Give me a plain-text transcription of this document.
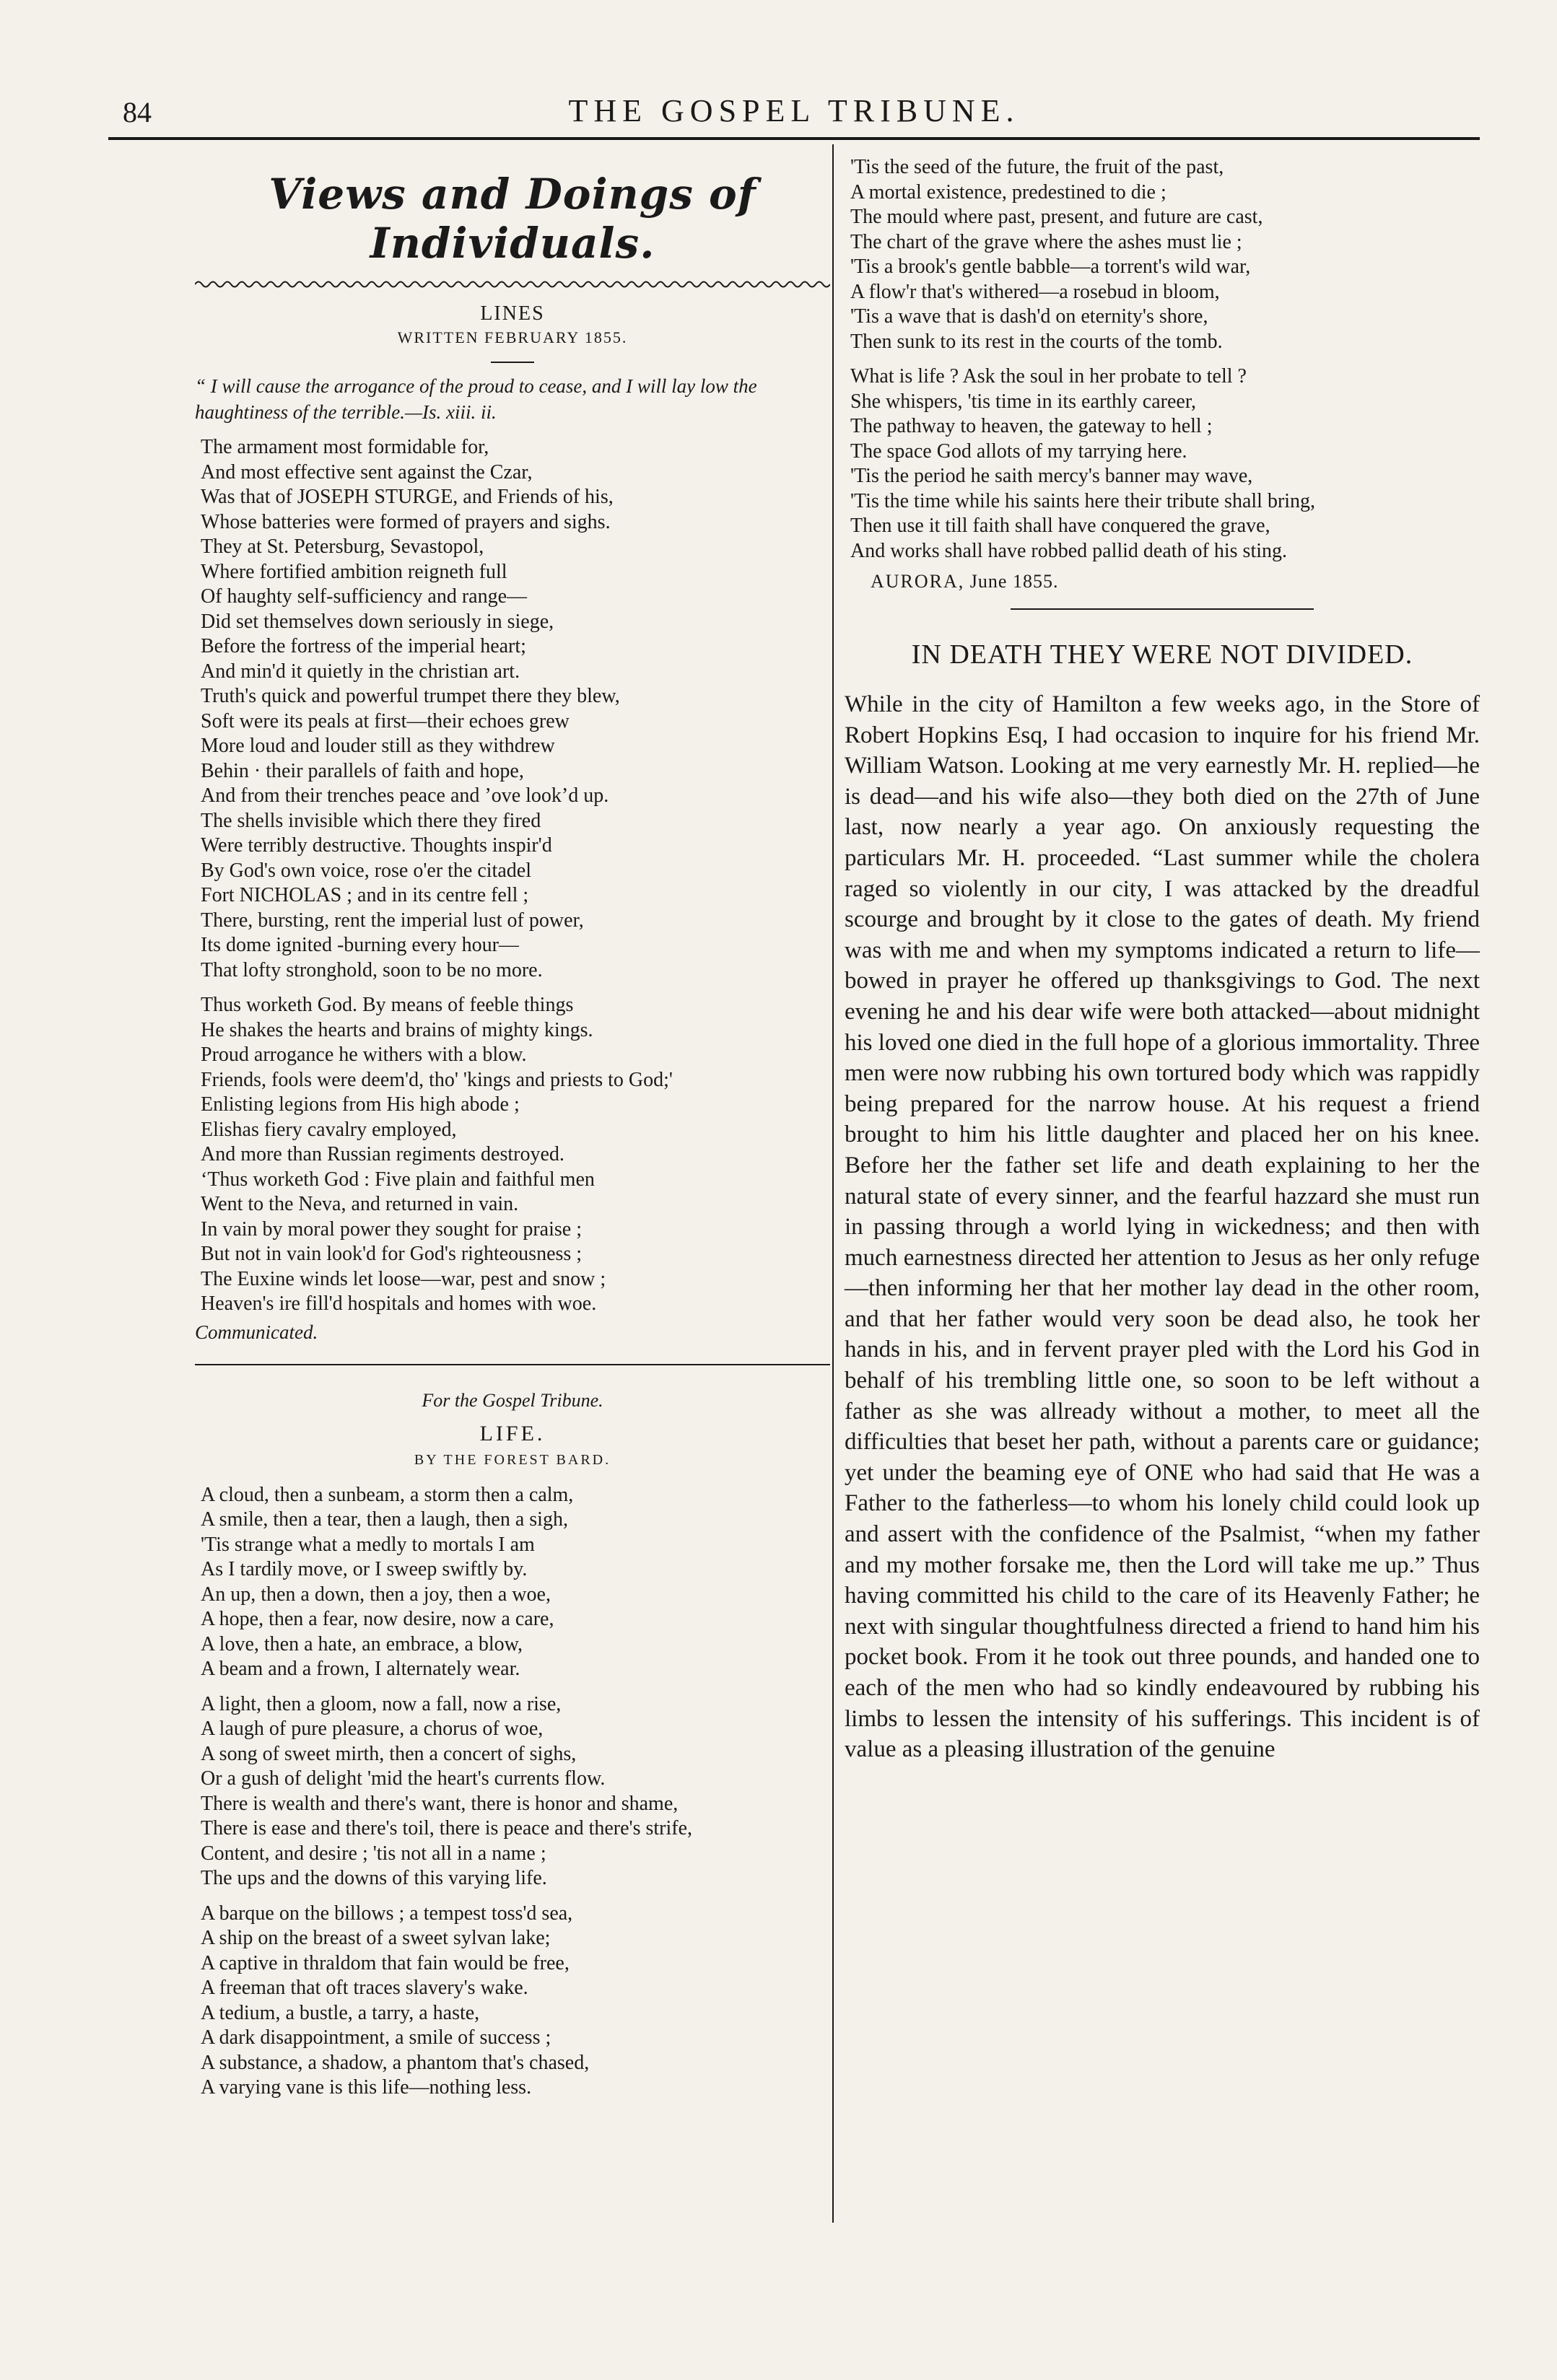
84	THE GOSPEL TRIBUNE.
Views and Doings of Individuals.
LINES
WRITTEN FEBRUARY 1855.
“ I will cause the arrogance of the proud to cease, and I will lay low the haughtiness of the terrible.—Is. xiii. ii.
The armament most formidable for,
And most effective sent against the Czar,
Was that of JOSEPH STURGE, and Friends of his,
Whose batteries were formed of prayers and sighs.
They at St. Petersburg, Sevastopol,
Where fortified ambition reigneth full
Of haughty self-sufficiency and range—
Did set themselves down seriously in siege,
Before the fortress of the imperial heart;
And min'd it quietly in the christian art.
Truth's quick and powerful trumpet there they blew,
Soft were its peals at first—their echoes grew
More loud and louder still as they withdrew
Behin · their parallels of faith and hope,
And from their trenches peace and ’ove look’d up.
The shells invisible which there they fired
Were terribly destructive. Thoughts inspir'd
By God's own voice, rose o'er the citadel
Fort NICHOLAS ; and in its centre fell ;
There, bursting, rent the imperial lust of power,
Its dome ignited -burning every hour—
That lofty stronghold, soon to be no more.
Thus worketh God. By means of feeble things
He shakes the hearts and brains of mighty kings.
Proud arrogance he withers with a blow.
Friends, fools were deem'd, tho' 'kings and priests to God;'
Enlisting legions from His high abode ;
Elishas fiery cavalry employed,
And more than Russian regiments destroyed.
‘Thus worketh God : Five plain and faithful men
Went to the Neva, and returned in vain.
In vain by moral power they sought for praise ;
But not in vain look'd for God's righteousness ;
The Euxine winds let loose—war, pest and snow ;
Heaven's ire fill'd hospitals and homes with woe.
Communicated.
For the Gospel Tribune.
LIFE.
BY THE FOREST BARD.
A cloud, then a sunbeam, a storm then a calm,
A smile, then a tear, then a laugh, then a sigh,
'Tis strange what a medly to mortals I am
As I tardily move, or I sweep swiftly by.
An up, then a down, then a joy, then a woe,
A hope, then a fear, now desire, now a care,
A love, then a hate, an embrace, a blow,
A beam and a frown, I alternately wear.
A light, then a gloom, now a fall, now a rise,
A laugh of pure pleasure, a chorus of woe,
A song of sweet mirth, then a concert of sighs,
Or a gush of delight 'mid the heart's currents flow.
There is wealth and there's want, there is honor and shame,
There is ease and there's toil, there is peace and there's strife,
Content, and desire ; 'tis not all in a name ;
The ups and the downs of this varying life.
A barque on the billows ; a tempest toss'd sea,
A ship on the breast of a sweet sylvan lake;
A captive in thraldom that fain would be free,
A freeman that oft traces slavery's wake.
A tedium, a bustle, a tarry, a haste,
A dark disappointment, a smile of success ;
A substance, a shadow, a phantom that's chased,
A varying vane is this life—nothing less.
'Tis the seed of the future, the fruit of the past,
A mortal existence, predestined to die ;
The mould where past, present, and future are cast,
The chart of the grave where the ashes must lie ;
'Tis a brook's gentle babble—a torrent's wild war,
A flow'r that's withered—a rosebud in bloom,
'Tis a wave that is dash'd on eternity's shore,
Then sunk to its rest in the courts of the tomb.
What is life ? Ask the soul in her probate to tell ?
She whispers, 'tis time in its earthly career,
The pathway to heaven, the gateway to hell ;
The space God allots of my tarrying here.
'Tis the period he saith mercy's banner may wave,
'Tis the time while his saints here their tribute shall bring,
Then use it till faith shall have conquered the grave,
And works shall have robbed pallid death of his sting.
AURORA, June 1855.
IN DEATH THEY WERE NOT DIVIDED.

While in the city of Hamilton a few weeks ago, in the Store of Robert Hopkins Esq, I had occasion to inquire for his friend Mr. William Watson. Looking at me very earnestly Mr. H. replied—he is dead—and his wife also—they both died on the 27th of June last, now nearly a year ago. On anxiously requesting the particulars Mr. H. proceeded. “Last summer while the cholera raged so violently in our city, I was attacked by the dreadful scourge and brought by it close to the gates of death. My friend was with me and when my symptoms indicated a return to life—bowed in prayer he offered up thanksgivings to God. The next evening he and his dear wife were both attacked—about midnight his loved one died in the full hope of a glorious immortality. Three men were now rubbing his own tortured body which was rappidly being prepared for the narrow house. At his request a friend brought to him his little daughter and placed her on his knee. Before her the father set life and death explaining to her the natural state of every sinner, and the fearful hazzard she must run in passing through a world lying in wickedness; and then with much earnestness directed her attention to Jesus as her only refuge—then informing her that her mother lay dead in the other room, and that her father would very soon be dead also, he took her hands in his, and in fervent prayer pled with the Lord his God in behalf of his trembling little one, so soon to be left without a father as she was allready without a mother, to meet all the difficulties that beset her path, without a parents care or guidance; yet under the beaming eye of ONE who had said that He was a Father to the fatherless—to whom his lonely child could look up and assert with the confidence of the Psalmist, “when my father and my mother forsake me, then the Lord will take me up.” Thus having committed his child to the care of its Heavenly Father; he next with singular thoughtfulness directed a friend to hand him his pocket book. From it he took out three pounds, and handed one to each of the men who had so kindly endeavoured by rubbing his limbs to lessen the intensity of his sufferings. This incident is of value as a pleasing illustration of the genuine
